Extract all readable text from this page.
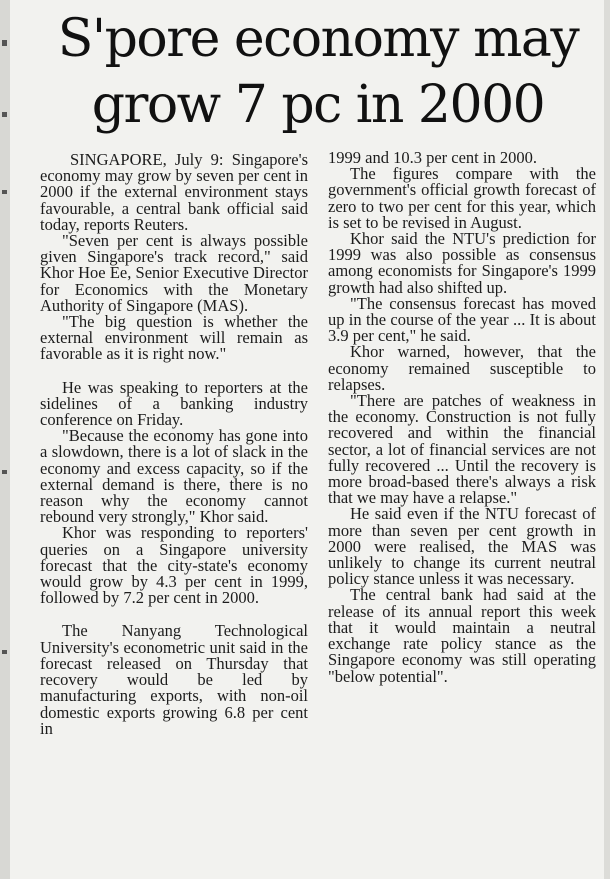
S'pore economy may grow 7 pc in 2000

SINGAPORE, July 9: Singapore's economy may grow by seven per cent in 2000 if the external environment stays favourable, a central bank official said today, reports Reuters.

"Seven per cent is always possible given Singapore's track record," said Khor Hoe Ee, Senior Executive Director for Economics with the Monetary Authority of Singapore (MAS).

"The big question is whether the external environment will remain as favorable as it is right now."

He was speaking to reporters at the sidelines of a banking industry conference on Friday.

"Because the economy has gone into a slowdown, there is a lot of slack in the economy and excess capacity, so if the external demand is there, there is no reason why the economy cannot rebound very strongly," Khor said.

Khor was responding to reporters' queries on a Singapore university forecast that the city-state's economy would grow by 4.3 per cent in 1999, followed by 7.2 per cent in 2000.

The Nanyang Technological University's econometric unit said in the forecast released on Thursday that recovery would be led by manufacturing exports, with non-oil domestic exports growing 6.8 per cent in

1999 and 10.3 per cent in 2000.

The figures compare with the government's official growth forecast of zero to two per cent for this year, which is set to be revised in August.

Khor said the NTU's prediction for 1999 was also possible as consensus among economists for Singapore's 1999 growth had also shifted up.

"The consensus forecast has moved up in the course of the year ... It is about 3.9 per cent," he said.

Khor warned, however, that the economy remained susceptible to relapses.

"There are patches of weakness in the economy. Construction is not fully recovered and within the financial sector, a lot of financial services are not fully recovered ... Until the recovery is more broad-based there's always a risk that we may have a relapse."

He said even if the NTU forecast of more than seven per cent growth in 2000 were realised, the MAS was unlikely to change its current neutral policy stance unless it was necessary.

The central bank had said at the release of its annual report this week that it would maintain a neutral exchange rate policy stance as the Singapore economy was still operating "below potential".
